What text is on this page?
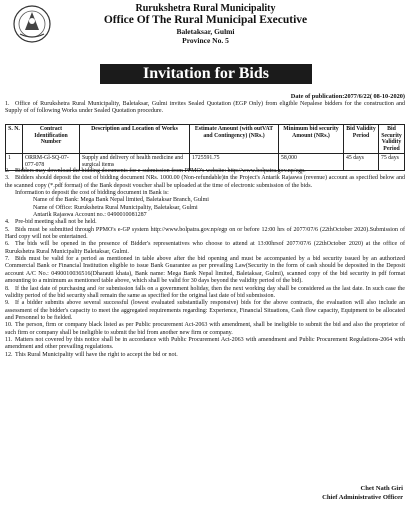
Rurukshetra Rural Municipality
Office Of The Rural Municipal Executive
Baletaksar, Gulmi
Province No. 5
Invitation for Bids
Date of publication:2077/6/22( 08-10-2020)
1. Office of Rurukshetra Rural Municipality, Baletaksar, Gulmi invites Sealed Quotation (EGP Only) from eligible Nepalese bidders for the construction and Supply of of following Works under Sealed Quotation procedure.
S. N.	Contract Identification Number	Description and Location of Works	Estimate Amount (with outVAT and Contingency) (NRs.)	Minimum bid security Amount (NRs.)	Bid Validity Period	Bid Security Validity Period
1	ORRM-Gl-SQ-07-077-078	Supply and delivery of health medicine and surgical items	1725591.75	58,000	45 days	75 days
2. Bidders may download the bidding documents for e-submission from PPMO's website: http://www.bolpatra.gov.np/egp.
3. Bidders should deposit the cost of bidding document NRs. 1000.00 (Non-refundable)in the Project's Antarik Rajaswa (revenue) account as specified below and the scanned copy (*.pdf format) of the Bank deposit voucher shall be uploaded at the time of electronic submission of the bids.
Information to deposit the cost of bidding document in Bank is:
Name of the Bank: Mega Bank Nepal limited, Baletaksar Branch, Gulmi
Name of Office: Rurukshetra Rural Municipality, Baletaksar, Gulmi
Antarik Rajaswa Account no.: 0490010081287
4. Pre-bid meeting shall not be held.
5. Bids must be submitted through PPMO's e-GP system http://www.bolpatra.gov.np/egp on or before 12:00 hrs of 2077/07/6 (22thOctober 2020).Submission of Hard copy will not be entertained.
6. The bids will be opened in the presence of Bidder's representatives who choose to attend at 13:00hrsof 2077/07/6 (22thOctober 2020) at the office of Rurukshetra Rural Municipality Baletaksar, Gulmi.
7. Bids must be valid for a period as mentioned in table above after the bid opening and must be accompanied by a bid security issued by an authorized Commercial Bank or Financial Institution eligible to issue Bank Guarantee as per prevailing Law(Security in the form of cash should be deposited in the Deposit account A/C No.: 0490010036516(Dharauti khata), Bank name: Mega Bank Nepal limited, Baletaksar, Gulmi), scanned copy of the bid security in pdf format amounting to a minimum as mentioned table above, which shall be valid for 30 days beyond the validity period of the bid).
8. If the last date of purchasing and /or submission falls on a government holiday, then the next working day shall be considered as the last date. In such case the validity period of the bid security shall remain the same as specified for the original last date of bid submission.
9. If a bidder submits above several successful (lowest evaluated substantially responsive) bids for the above contracts, the evaluation will also include an assessment of the bidder's capacity to meet the aggregated requirements regarding: Experience, Financial Situations, Cash flow capacity, Equipment to be allocated and Personnel to be fielded.
10. The person, firm or company black listed as per Public procurement Act-2063 with amendment, shall be ineligible to submit the bid and also the proprietor of such firm or company shall be ineligible to submit the bid from another new firm or company.
11. Matters not covered by this notice shall be in accordance with Public Procurement Act-2063 with amendment and Public Procurement Regulations-2064 with amendment and other prevailing regulations.
12. This Rural Municipality will have the right to accept the bid or not.
Chet Nath Giri
Chief Administrative Officer
